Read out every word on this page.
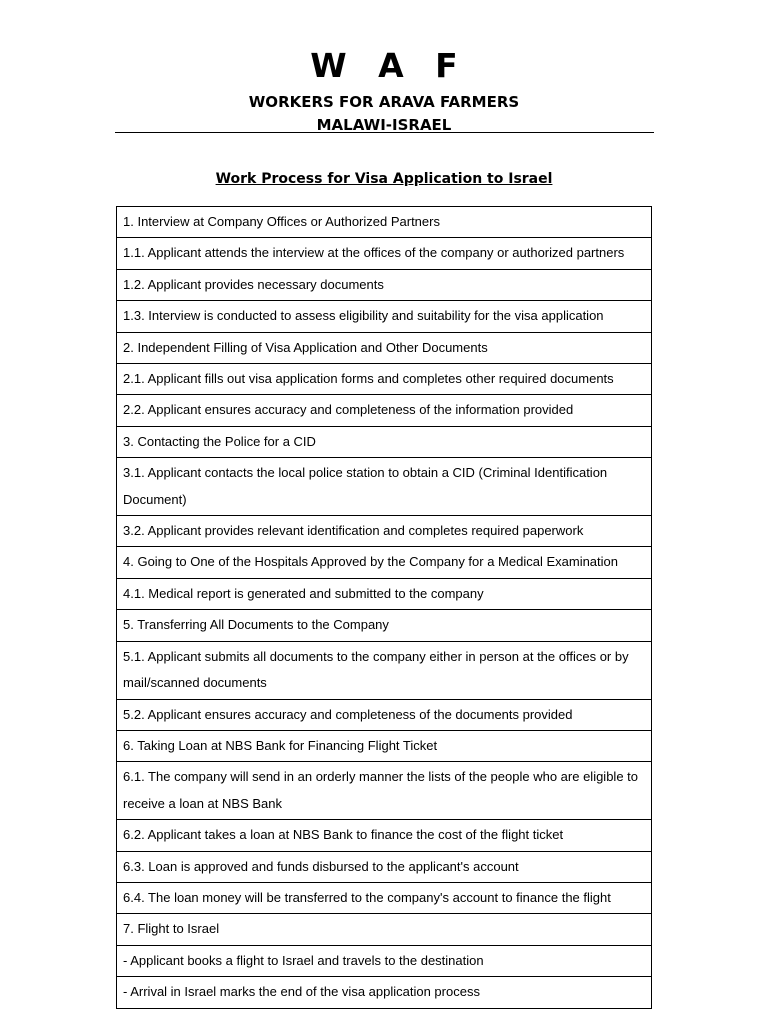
W A F
WORKERS FOR ARAVA FARMERS
MALAWI-ISRAEL
Work Process for Visa Application to Israel
1. Interview at Company Offices or Authorized Partners
1.1. Applicant attends the interview at the offices of the company or authorized partners
1.2. Applicant provides necessary documents
1.3. Interview is conducted to assess eligibility and suitability for the visa application
2. Independent Filling of Visa Application and Other Documents
2.1. Applicant fills out visa application forms and completes other required documents
2.2. Applicant ensures accuracy and completeness of the information provided
3. Contacting the Police for a CID
3.1. Applicant contacts the local police station to obtain a CID (Criminal Identification Document)
3.2. Applicant provides relevant identification and completes required paperwork
4. Going to One of the Hospitals Approved by the Company for a Medical Examination
4.1. Medical report is generated and submitted to the company
5. Transferring All Documents to the Company
5.1. Applicant submits all documents to the company either in person at the offices or by mail/scanned documents
5.2. Applicant ensures accuracy and completeness of the documents provided
6. Taking Loan at NBS Bank for Financing Flight Ticket
6.1. The company will send in an orderly manner the lists of the people who are eligible to receive a loan at NBS Bank
6.2. Applicant takes a loan at NBS Bank to finance the cost of the flight ticket
6.3. Loan is approved and funds disbursed to the applicant's account
6.4. The loan money will be transferred to the company's account to finance the flight
7. Flight to Israel
- Applicant books a flight to Israel and travels to the destination
- Arrival in Israel marks the end of the visa application process
